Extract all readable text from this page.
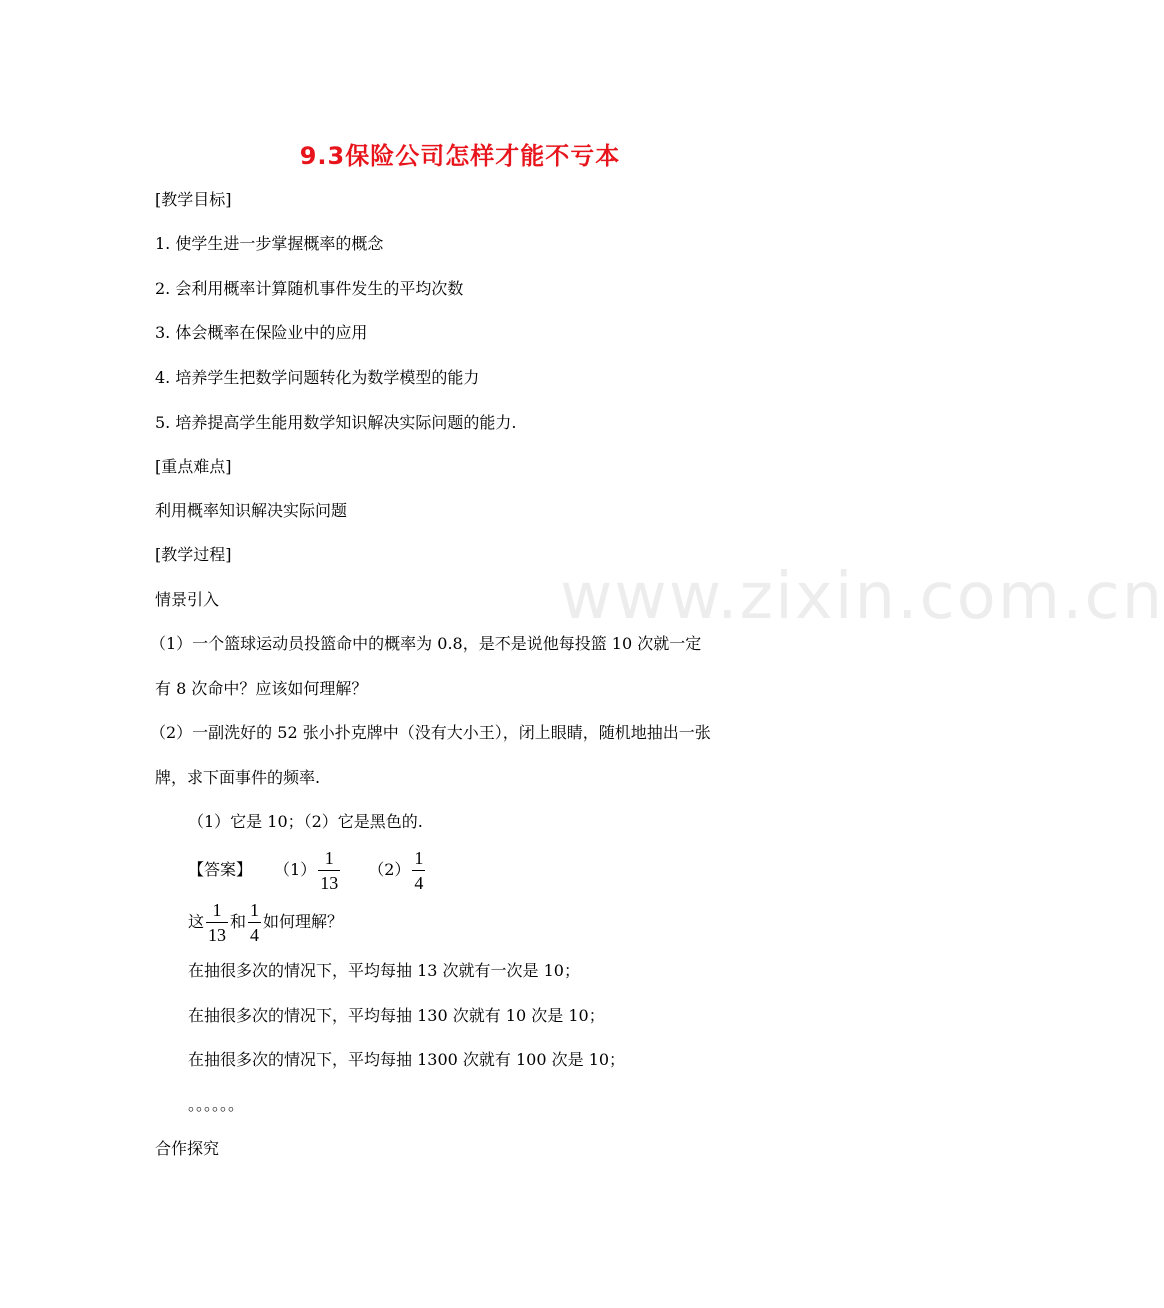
www.zixin.com.cn
9.3保险公司怎样才能不亏本
[教学目标]
1. 使学生进一步掌握概率的概念
2. 会利用概率计算随机事件发生的平均次数
3. 体会概率在保险业中的应用
4. 培养学生把数学问题转化为数学模型的能力
5. 培养提高学生能用数学知识解决实际问题的能力.
[重点难点]
利用概率知识解决实际问题
[教学过程]
情景引入
（1）一个篮球运动员投篮命中的概率为 0.8，是不是说他每投篮 10 次就一定
有 8 次命中？应该如何理解？
（2）一副洗好的 52 张小扑克牌中（没有大小王），闭上眼睛，随机地抽出一张
牌，求下面事件的频率.
（1）它是 10；（2）它是黑色的.
【答案】 $(1) \frac{1}{13} (2) \frac{1}{4}$
这 $\frac{1}{13}$ 和 $\frac{1}{4}$ 如何理解？
在抽很多次的情况下，平均每抽 13 次就有一次是 10；
在抽很多次的情况下，平均每抽 130 次就有 10 次是 10；
在抽很多次的情况下，平均每抽 1300 次就有 100 次是 10；
。。。。。。
合作探究
